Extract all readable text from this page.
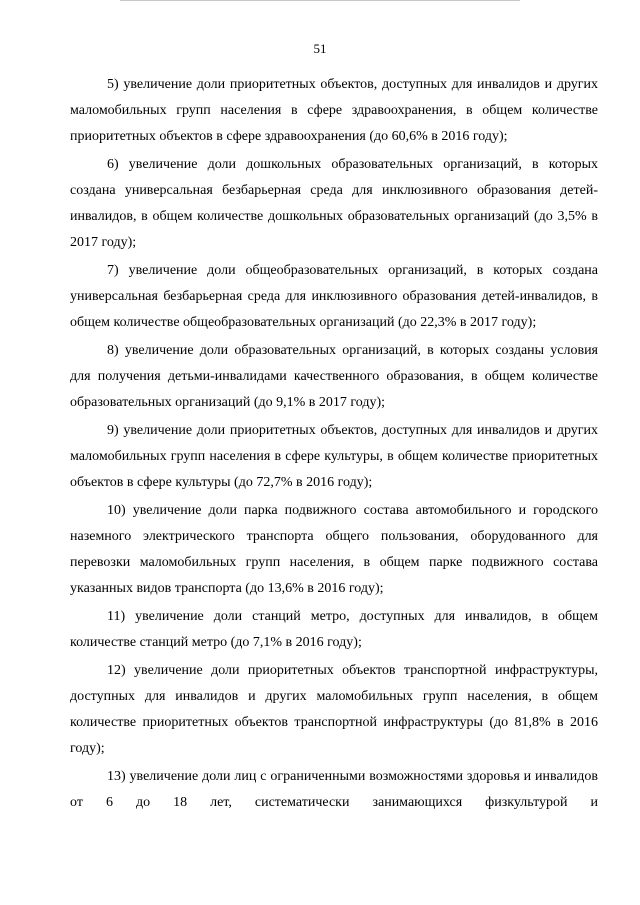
51

5) увеличение доли приоритетных объектов, доступных для инвалидов и других маломобильных групп населения в сфере здравоохранения, в общем количестве приоритетных объектов в сфере здравоохранения (до 60,6% в 2016 году);

6) увеличение доли дошкольных образовательных организаций, в которых создана универсальная безбарьерная среда для инклюзивного образования детей-инвалидов, в общем количестве дошкольных образовательных организаций (до 3,5% в 2017 году);

7) увеличение доли общеобразовательных организаций, в которых создана универсальная безбарьерная среда для инклюзивного образования детей-инвалидов, в общем количестве общеобразовательных организаций (до 22,3% в 2017 году);

8) увеличение доли образовательных организаций, в которых созданы условия для получения детьми-инвалидами качественного образования, в общем количестве образовательных организаций (до 9,1% в 2017 году);

9) увеличение доли приоритетных объектов, доступных для инвалидов и других маломобильных групп населения в сфере культуры, в общем количестве приоритетных объектов в сфере культуры (до 72,7% в 2016 году);

10) увеличение доли парка подвижного состава автомобильного и городского наземного электрического транспорта общего пользования, оборудованного для перевозки маломобильных групп населения, в общем парке подвижного состава указанных видов транспорта (до 13,6% в 2016 году);

11) увеличение доли станций метро, доступных для инвалидов, в общем количестве станций метро (до 7,1% в 2016 году);

12) увеличение доли приоритетных объектов транспортной инфраструктуры, доступных для инвалидов и других маломобильных групп населения, в общем количестве приоритетных объектов транспортной инфраструктуры (до 81,8% в 2016 году);

13) увеличение доли лиц с ограниченными возможностями здоровья и инвалидов от 6 до 18 лет, систематически занимающихся физкультурой и
